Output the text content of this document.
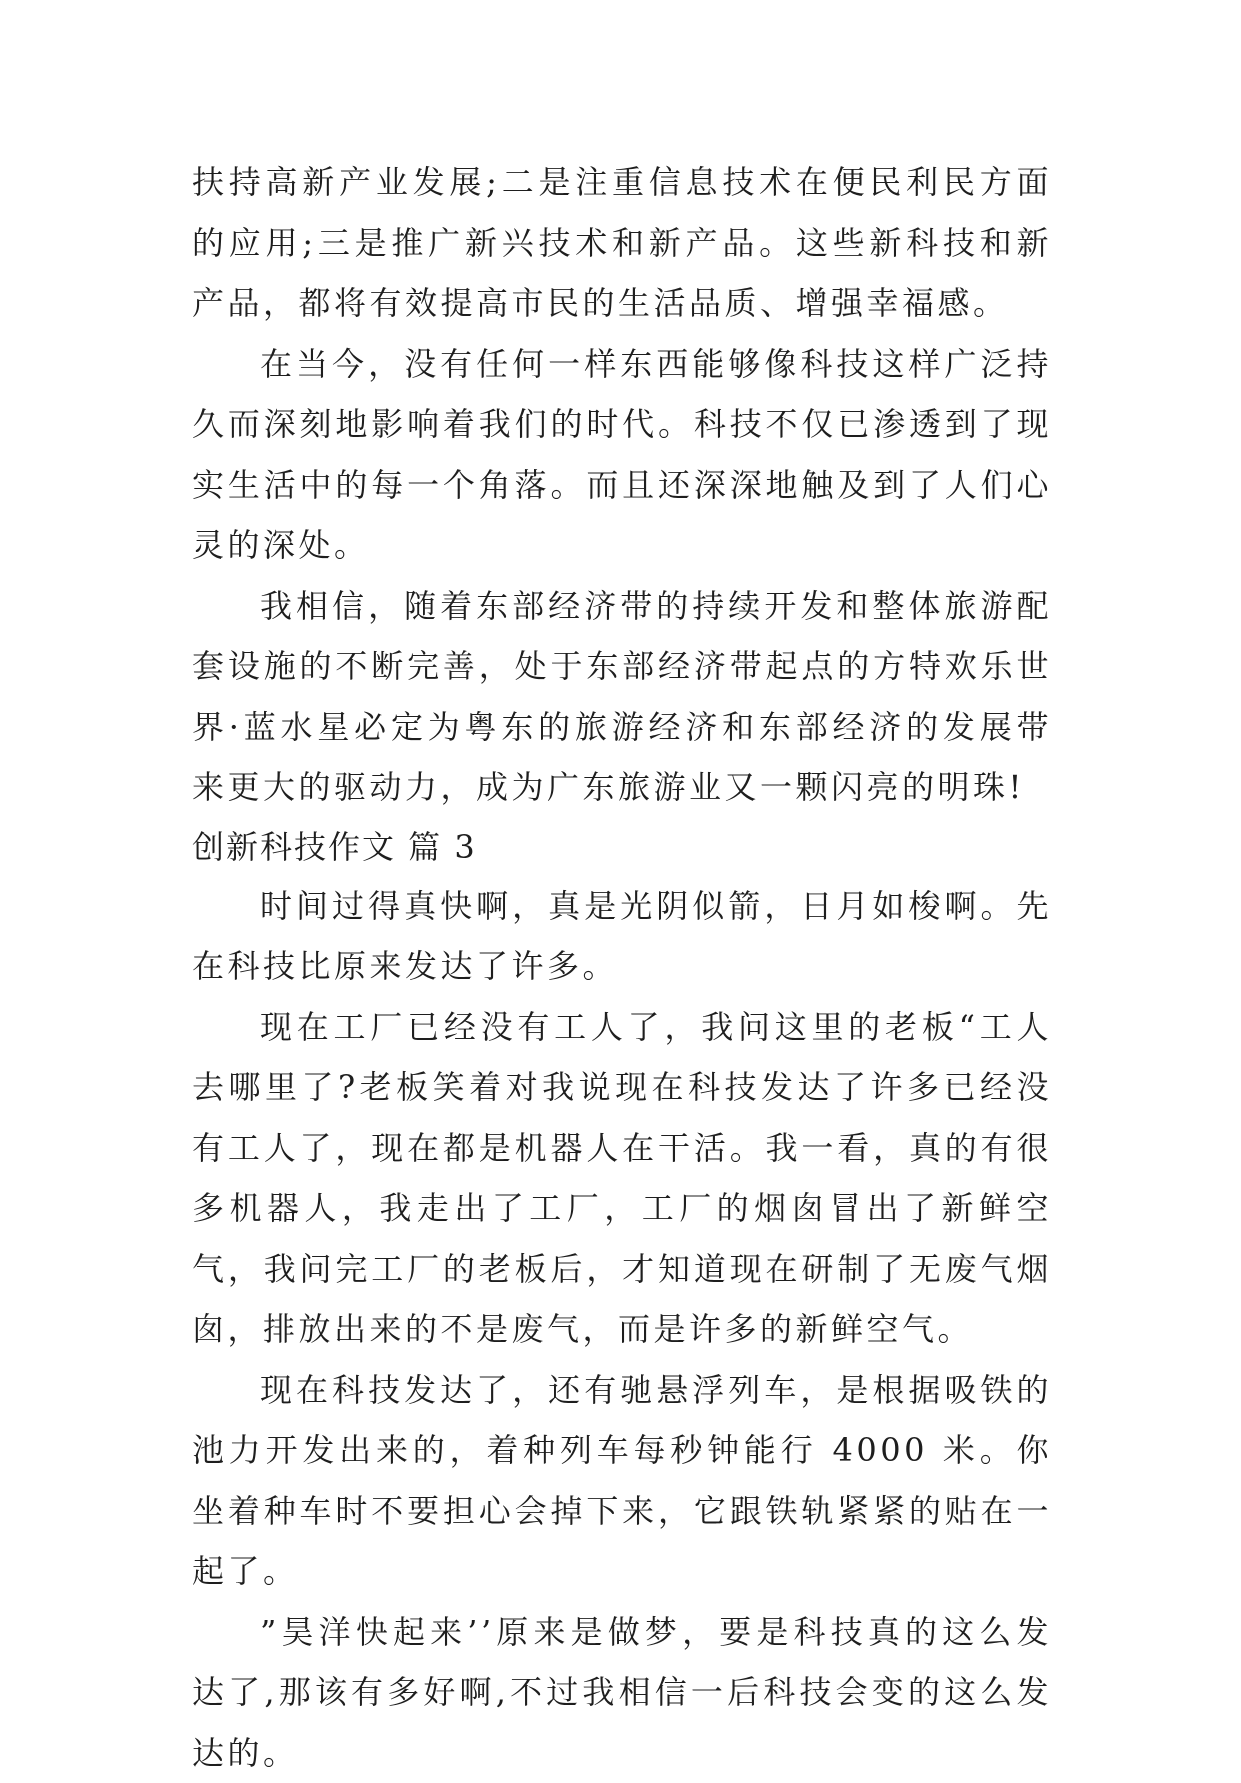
扶持高新产业发展;二是注重信息技术在便民利民方面的应用;三是推广新兴技术和新产品。这些新科技和新产品，都将有效提高市民的生活品质、增强幸福感。

在当今，没有任何一样东西能够像科技这样广泛持久而深刻地影响着我们的时代。科技不仅已渗透到了现实生活中的每一个角落。而且还深深地触及到了人们心灵的深处。

我相信，随着东部经济带的持续开发和整体旅游配套设施的不断完善，处于东部经济带起点的方特欢乐世界·蓝水星必定为粤东的旅游经济和东部经济的发展带来更大的驱动力，成为广东旅游业又一颗闪亮的明珠!

创新科技作文 篇 3

时间过得真快啊，真是光阴似箭，日月如梭啊。先在科技比原来发达了许多。

现在工厂已经没有工人了，我问这里的老板“工人去哪里了?老板笑着对我说现在科技发达了许多已经没有工人了，现在都是机器人在干活。我一看，真的有很多机器人，我走出了工厂，工厂的烟囱冒出了新鲜空气，我问完工厂的老板后，才知道现在研制了无废气烟囱，排放出来的不是废气，而是许多的新鲜空气。

现在科技发达了，还有驰悬浮列车，是根据吸铁的池力开发出来的，着种列车每秒钟能行 4000 米。你坐着种车时不要担心会掉下来，它跟铁轨紧紧的贴在一起了。

”昊洋快起来’’原来是做梦，要是科技真的这么发达了,那该有多好啊,不过我相信一后科技会变的这么发达的。
